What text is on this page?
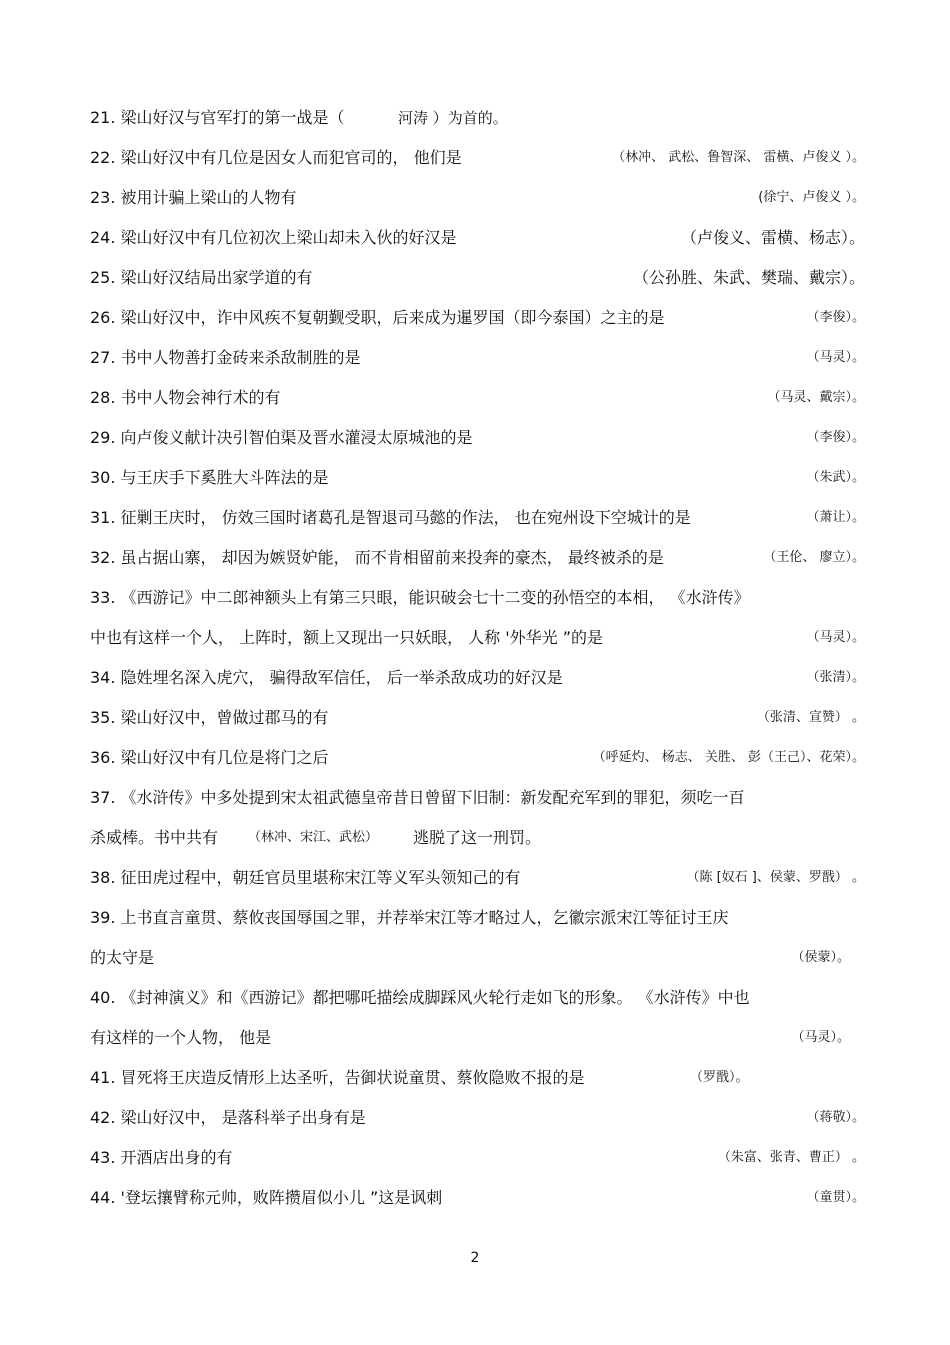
21. 梁山好汉与官军打的第一战是（	河涛 ）为首的。
22. 梁山好汉中有几位是因女人而犯官司的， 他们是	（林冲、 武松、鲁智深、 雷横、卢俊义 ）。
23. 被用计骗上梁山的人物有	(徐宁、卢俊义 ）。
24. 梁山好汉中有几位初次上梁山却未入伙的好汉是	（卢俊义、雷横、杨志）。
25. 梁山好汉结局出家学道的有	（公孙胜、朱武、樊瑞、戴宗）。
26. 梁山好汉中，诈中风疾不复朝觐受职，后来成为暹罗国（即今泰国）之主的是	（李俊）。
27. 书中人物善打金砖来杀敌制胜的是	（马灵）。
28. 书中人物会神行术的有	（马灵、戴宗）。
29. 向卢俊义献计决引智伯渠及晋水灌浸太原城池的是	（李俊）。
30. 与王庆手下奚胜大斗阵法的是	（朱武）。
31. 征剿王庆时， 仿效三国时诸葛孔是智退司马懿的作法， 也在宛州设下空城计的是	（萧让）。
32. 虽占据山寨， 却因为嫉贤妒能， 而不肯相留前来投奔的豪杰， 最终被杀的是	（王伦、 廖立）。
33. 《西游记》中二郎神额头上有第三只眼，能识破会七十二变的孙悟空的本相， 《水浒传》
中也有这样一个人， 上阵时，额上又现出一只妖眼， 人称 '外华光 ”的是	（马灵）。
34. 隐姓埋名深入虎穴， 骗得敌军信任， 后一举杀敌成功的好汉是	（张清）。
35. 梁山好汉中，曾做过郡马的有	（张清、宣赞） 。
36. 梁山好汉中有几位是将门之后	（呼延灼、 杨志、 关胜、 彭（王己）、花荣）。
37. 《水浒传》中多处提到宋太祖武德皇帝昔日曾留下旧制：新发配充军到的罪犯，须吃一百
杀威棒。书中共有 （林冲、宋江、武松） 逃脱了这一刑罚。
38. 征田虎过程中，朝廷官员里堪称宋江等义军头领知己的有	（陈 [奴石 ]、侯蒙、罗戬） 。
39. 上书直言童贯、蔡攸丧国辱国之罪，并荐举宋江等才略过人，乞徽宗派宋江等征讨王庆
的太守是	（侯蒙）。
40. 《封神演义》和《西游记》都把哪吒描绘成脚踩风火轮行走如飞的形象。 《水浒传》中也
有这样的一个人物， 他是	（马灵）。
41. 冒死将王庆造反情形上达圣听，告御状说童贯、蔡攸隐败不报的是	（罗戬）。
42. 梁山好汉中， 是落科举子出身有是	（蒋敬）。
43. 开酒店出身的有	（朱富、张青、曹正） 。
44. '登坛攘臂称元帅，败阵攒眉似小儿 ”这是讽刺	（童贯）。
2
